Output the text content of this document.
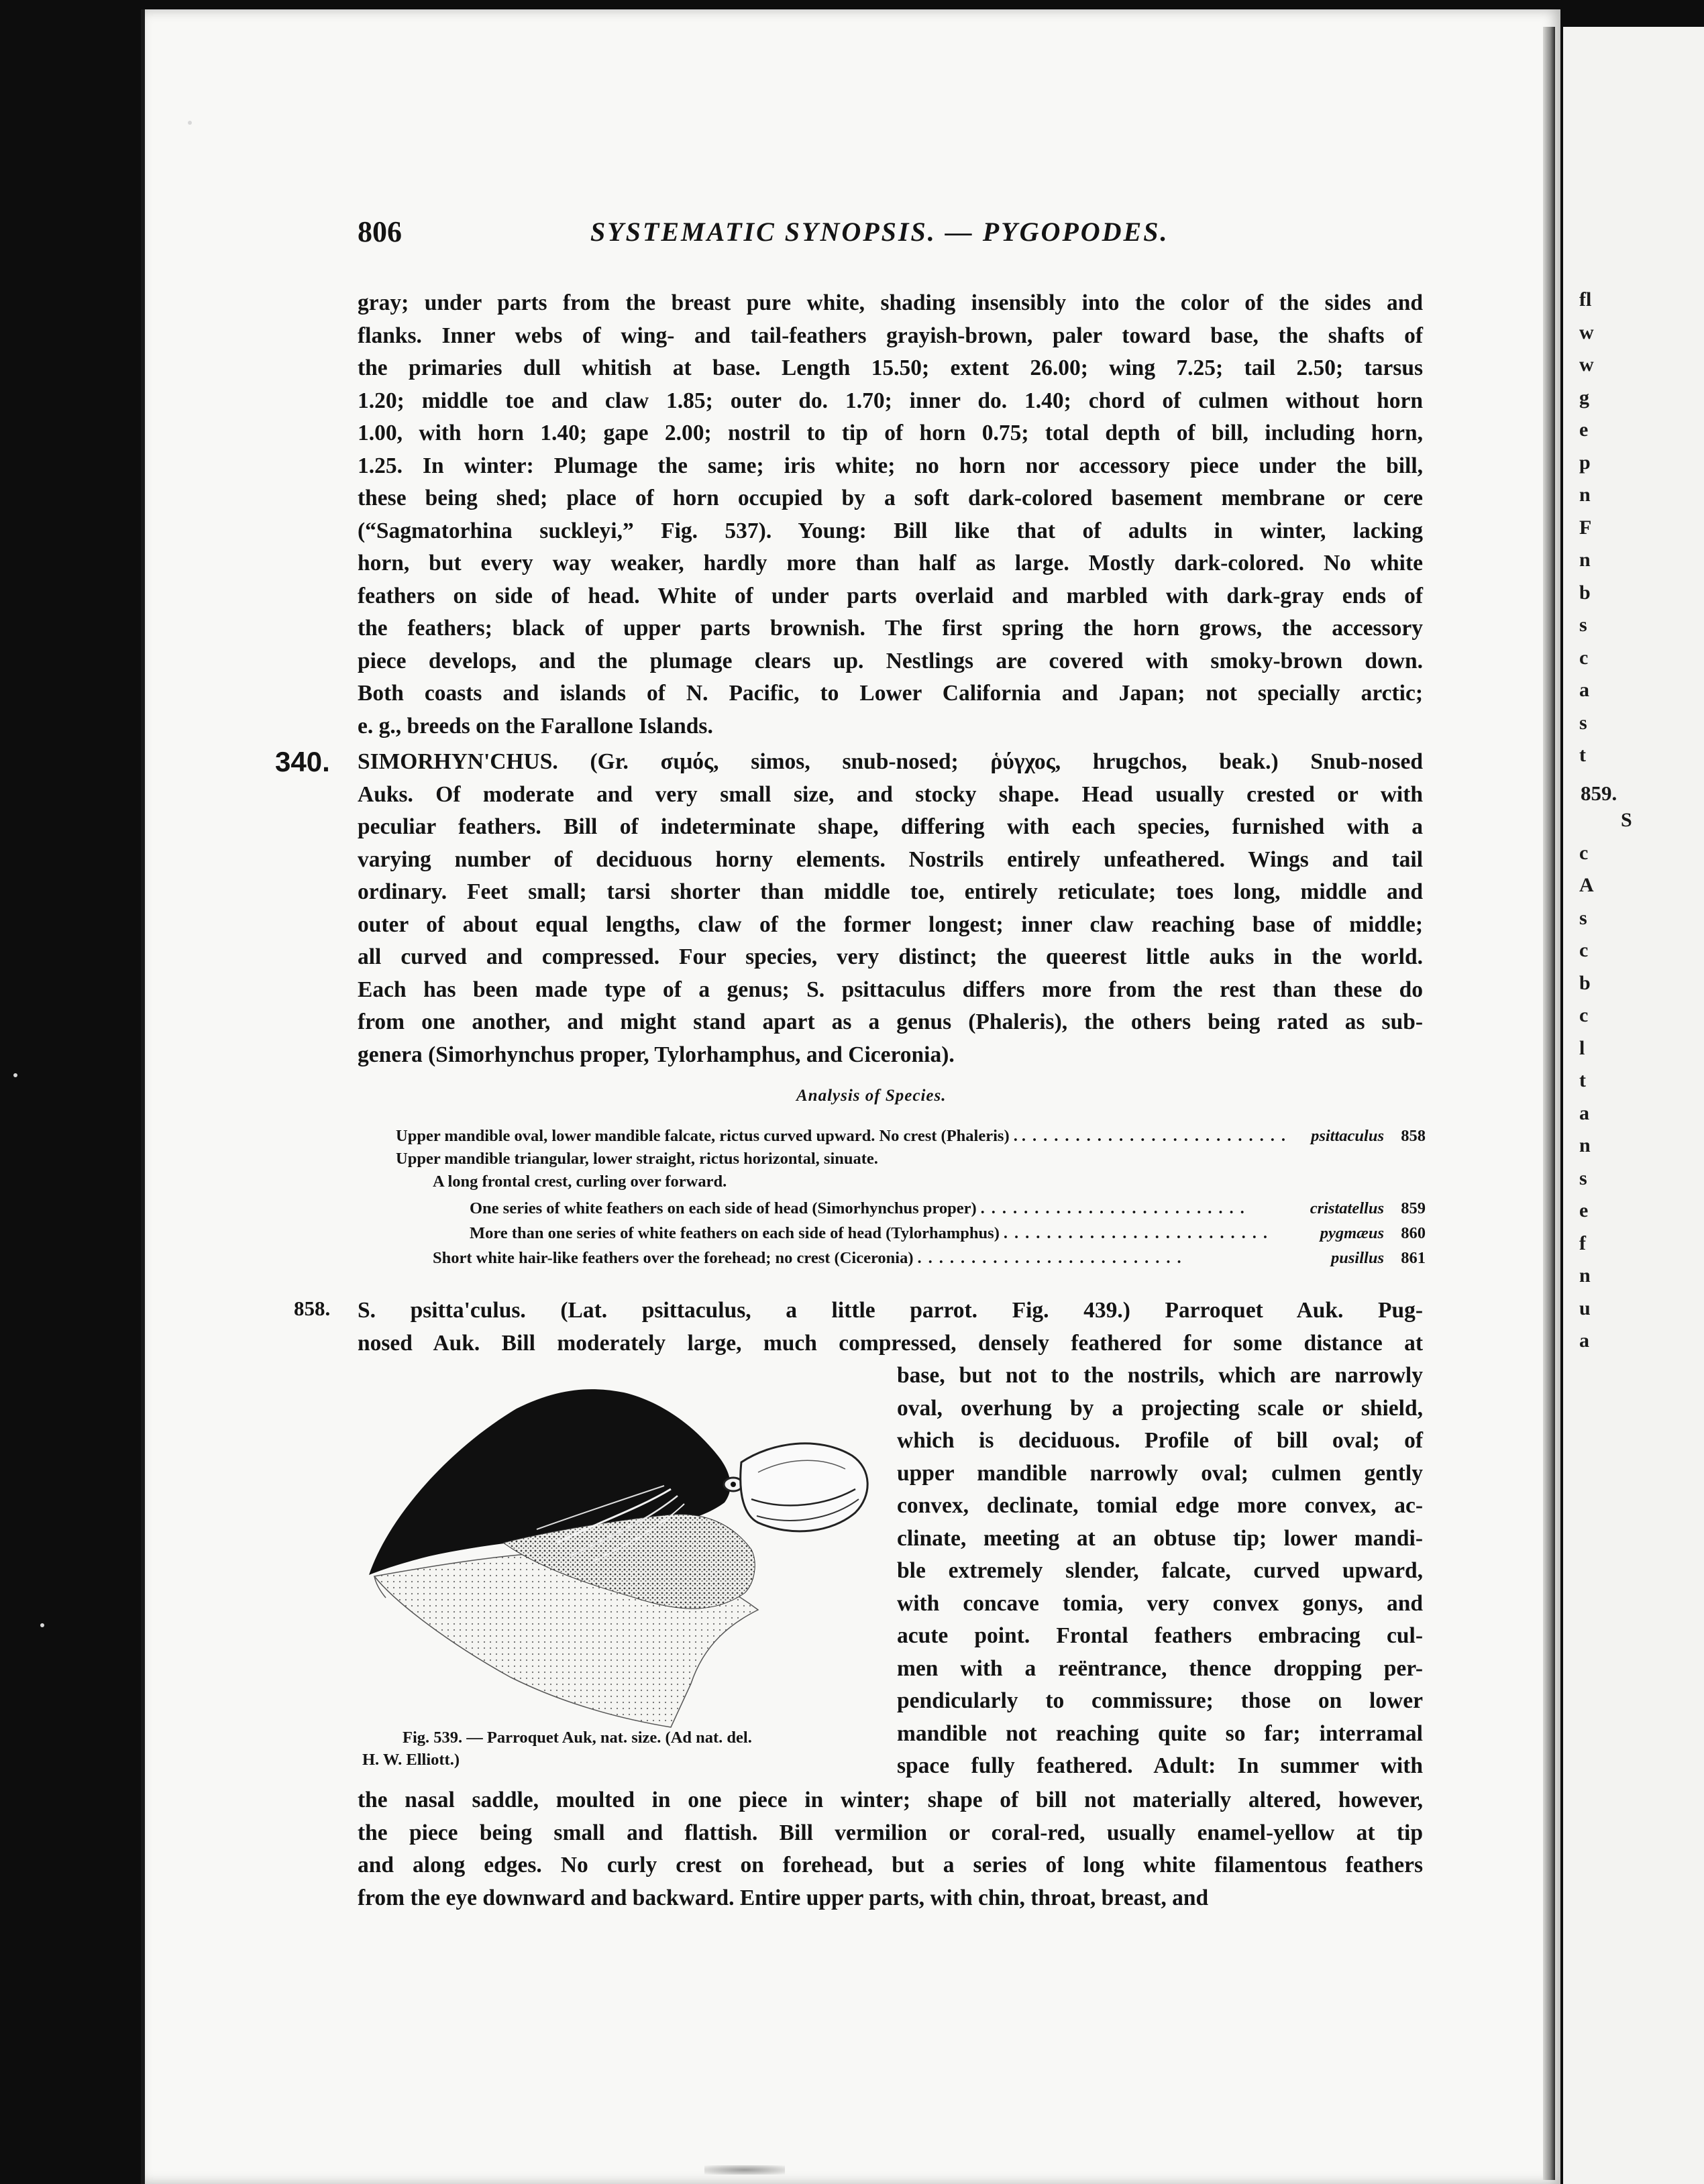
859.
fl
w
w
g
e
p
n
F
n
b
s
c
a
s
t
S
c
A
s
c
b
c
l
t
a
n
s
e
f
n
u
a
806	SYSTEMATIC SYNOPSIS. — PYGOPODES.
gray; under parts from the breast pure white, shading insensibly into the color of the sides and
flanks. Inner webs of wing- and tail-feathers grayish-brown, paler toward base, the shafts of
the primaries dull whitish at base. Length 15.50; extent 26.00; wing 7.25; tail 2.50; tarsus
1.20; middle toe and claw 1.85; outer do. 1.70; inner do. 1.40; chord of culmen without horn
1.00, with horn 1.40; gape 2.00; nostril to tip of horn 0.75; total depth of bill, including horn,
1.25. In winter: Plumage the same; iris white; no horn nor accessory piece under the bill,
these being shed; place of horn occupied by a soft dark-colored basement membrane or cere
(“Sagmatorhina suckleyi,” Fig. 537). Young: Bill like that of adults in winter, lacking
horn, but every way weaker, hardly more than half as large. Mostly dark-colored. No white
feathers on side of head. White of under parts overlaid and marbled with dark-gray ends of
the feathers; black of upper parts brownish. The first spring the horn grows, the accessory
piece develops, and the plumage clears up. Nestlings are covered with smoky-brown down.
Both coasts and islands of N. Pacific, to Lower California and Japan; not specially arctic;
e. g., breeds on the Farallone Islands.
340. SIMORHYN'CHUS. (Gr. σιμός, simos, snub-nosed; ῥύγχος, hrugchos, beak.) Snub-nosed
Auks. Of moderate and very small size, and stocky shape. Head usually crested or with
peculiar feathers. Bill of indeterminate shape, differing with each species, furnished with a
varying number of deciduous horny elements. Nostrils entirely unfeathered. Wings and tail
ordinary. Feet small; tarsi shorter than middle toe, entirely reticulate; toes long, middle and
outer of about equal lengths, claw of the former longest; inner claw reaching base of middle;
all curved and compressed. Four species, very distinct; the queerest little auks in the world.
Each has been made type of a genus; S. psittaculus differs more from the rest than these do
from one another, and might stand apart as a genus (Phaleris), the others being rated as sub-
genera (Simorhynchus proper, Tylorhamphus, and Ciceronia).
Analysis of Species.
Upper mandible oval, lower mandible falcate, rictus curved upward. No crest (Phaleris) . .........................	psittaculus	858
Upper mandible triangular, lower straight, rictus horizontal, sinuate.
A long frontal crest, curling over forward.
One series of white feathers on each side of head (Simorhynchus proper) .........................	cristatellus	859
More than one series of white feathers on each side of head (Tylorhamphus) .........................	pygmæus	860
Short white hair-like feathers over the forehead; no crest (Ciceronia) .........................	pusillus	861
858. S. psitta'culus. (Lat. psittaculus, a little parrot. Fig. 439.) Parroquet Auk. Pug-
nosed Auk. Bill moderately large, much compressed, densely feathered for some distance at
base, but not to the nostrils, which are narrowly
oval, overhung by a projecting scale or shield,
which is deciduous. Profile of bill oval; of
upper mandible narrowly oval; culmen gently
convex, declinate, tomial edge more convex, ac-
clinate, meeting at an obtuse tip; lower mandi-
ble extremely slender, falcate, curved upward,
with concave tomia, very convex gonys, and
acute point. Frontal feathers embracing cul-
men with a reëntrance, thence dropping per-
pendicularly to commissure; those on lower
mandible not reaching quite so far; interramal
space fully feathered. Adult: In summer with
the nasal saddle, moulted in one piece in winter; shape of bill not materially altered, however,
the piece being small and flattish. Bill vermilion or coral-red, usually enamel-yellow at tip
and along edges. No curly crest on forehead, but a series of long white filamentous feathers
from the eye downward and backward. Entire upper parts, with chin, throat, breast, and
Fig. 539. — Parroquet Auk, nat. size. (Ad nat. del.
H. W. Elliott.)
